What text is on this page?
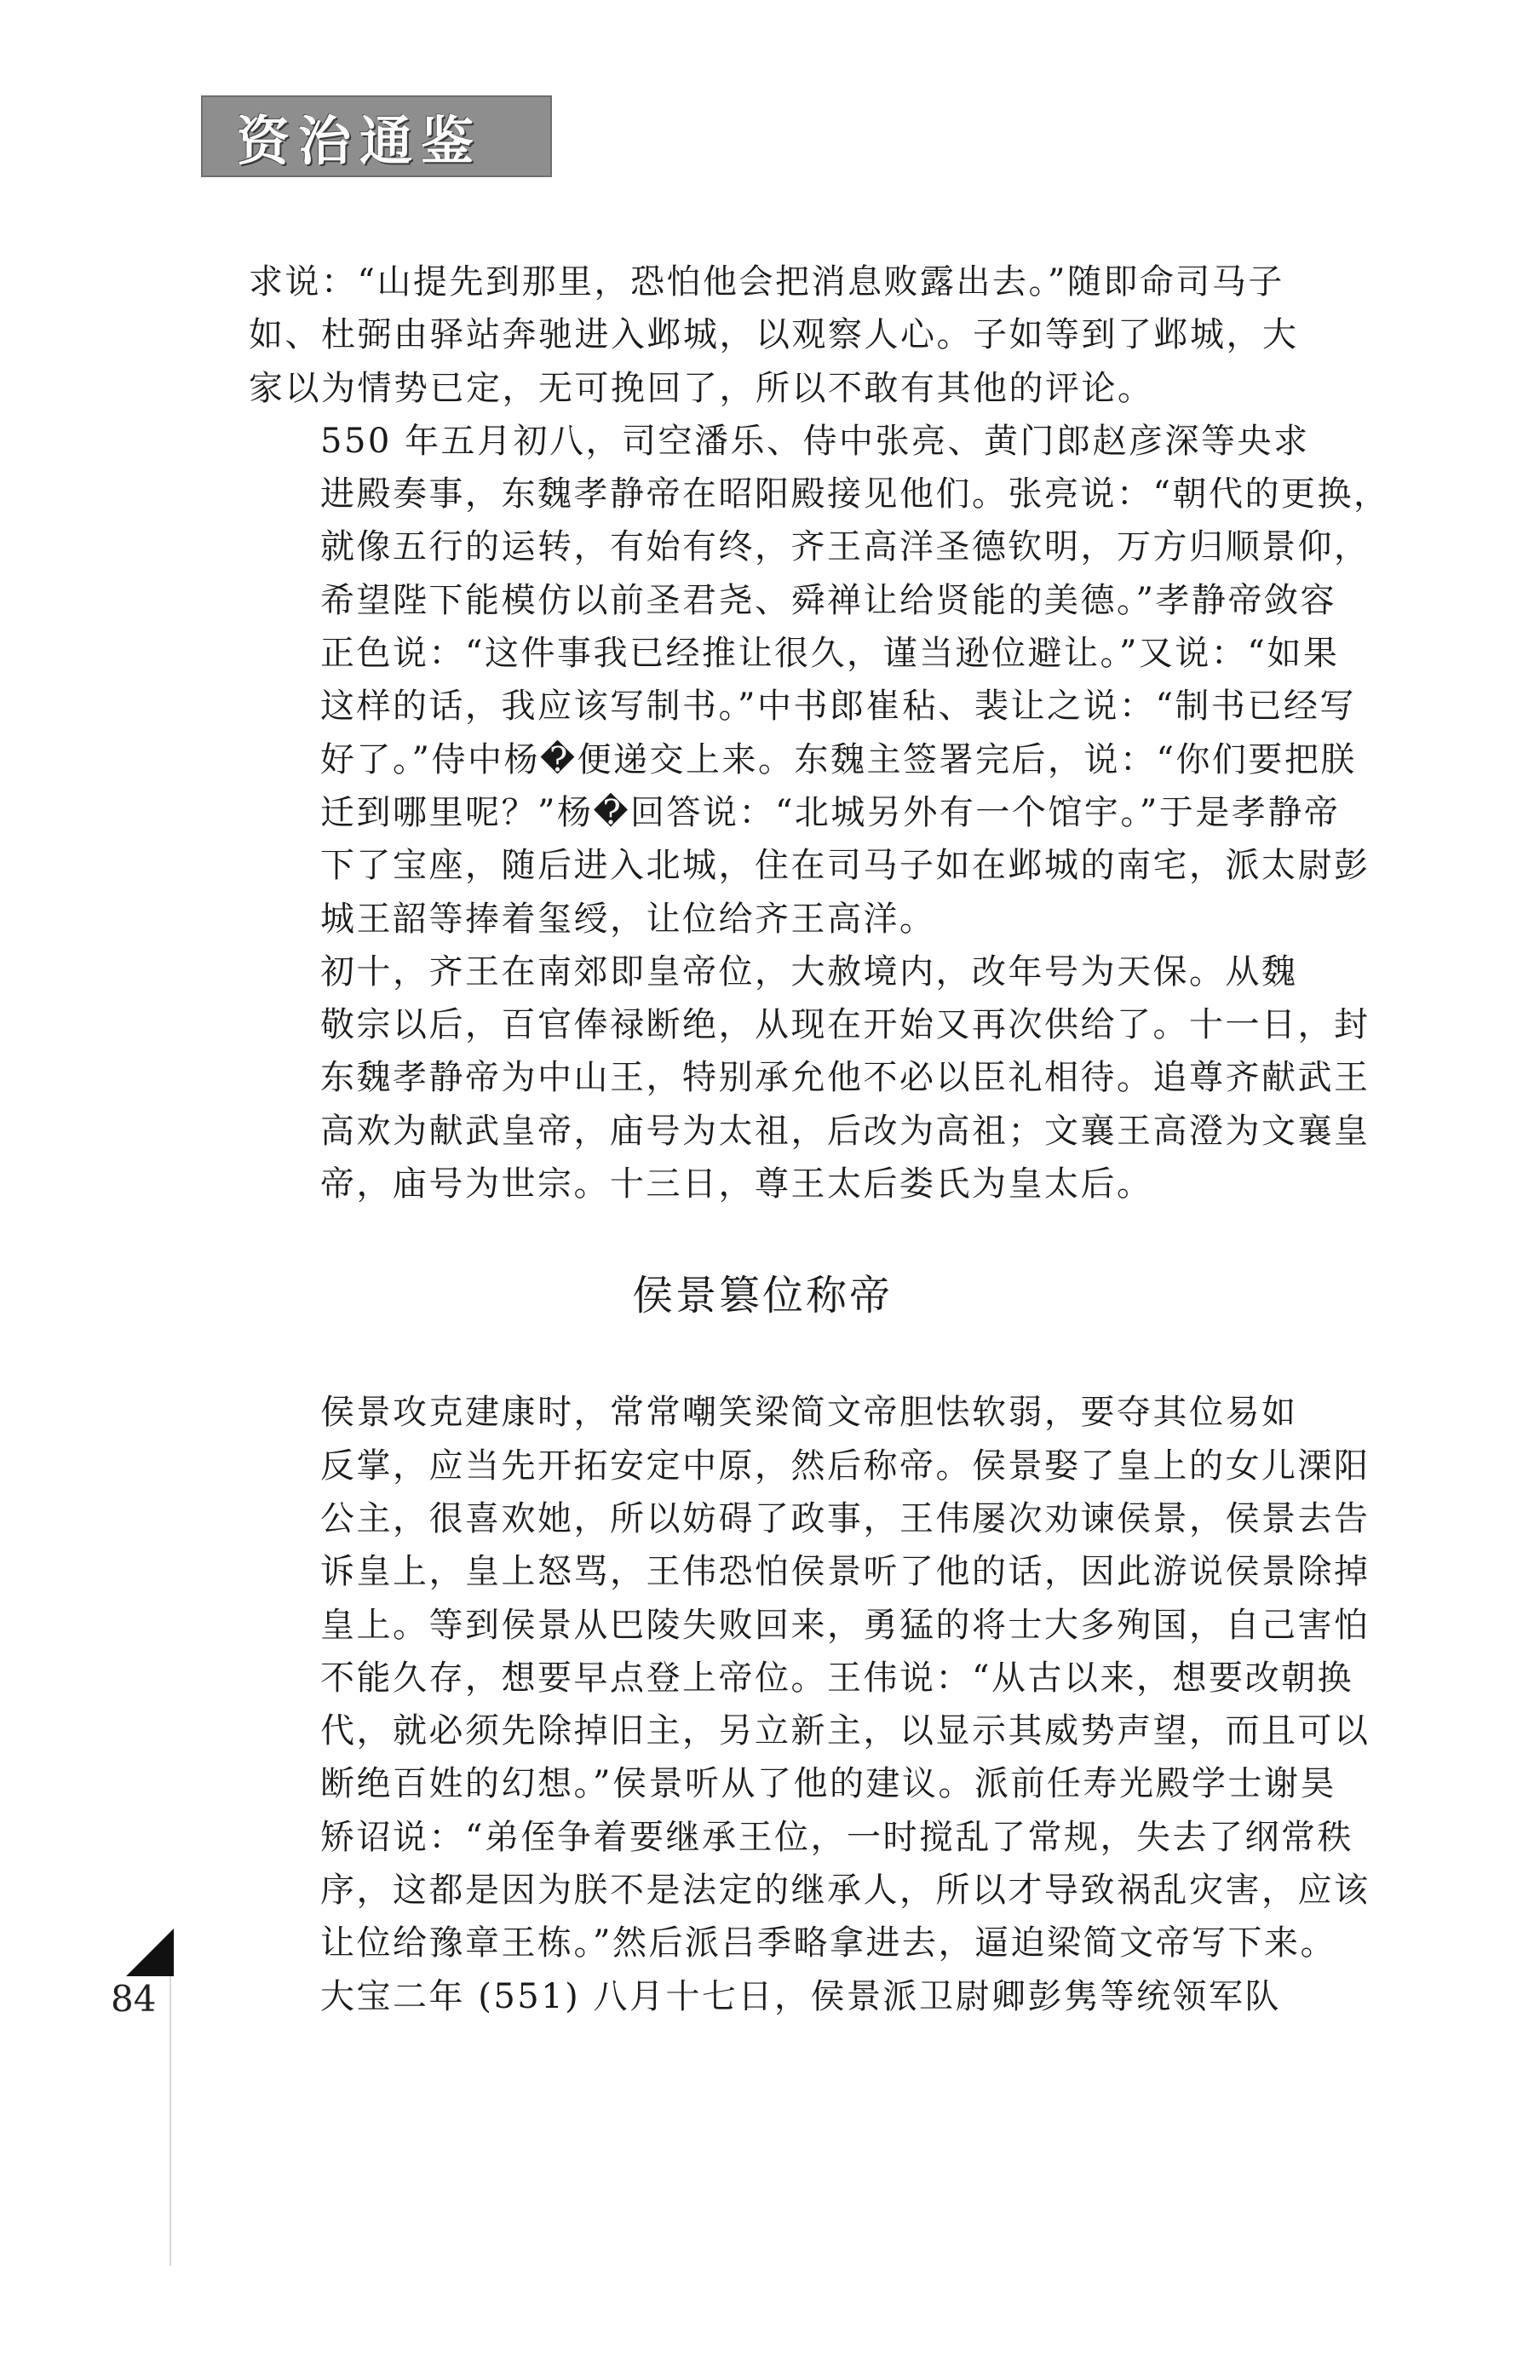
资治通鉴

求说：“山提先到那里，恐怕他会把消息败露出去。”随即命司马子
如、杜弼由驿站奔驰进入邺城，以观察人心。子如等到了邺城，大
家以为情势已定，无可挽回了，所以不敢有其他的评论。

550 年五月初八，司空潘乐、侍中张亮、黄门郎赵彦深等央求
进殿奏事，东魏孝静帝在昭阳殿接见他们。张亮说：“朝代的更换，
就像五行的运转，有始有终，齐王高洋圣德钦明，万方归顺景仰，
希望陛下能模仿以前圣君尧、舜禅让给贤能的美德。”孝静帝敛容
正色说：“这件事我已经推让很久，谨当逊位避让。”又说：“如果
这样的话，我应该写制书。”中书郎崔秥、裴让之说：“制书已经写
好了。”侍中杨�便递交上来。东魏主签署完后，说：“你们要把朕
迁到哪里呢？”杨�回答说：“北城另外有一个馆宇。”于是孝静帝
下了宝座，随后进入北城，住在司马子如在邺城的南宅，派太尉彭
城王韶等捧着玺绶，让位给齐王高洋。

初十，齐王在南郊即皇帝位，大赦境内，改年号为天保。从魏
敬宗以后，百官俸禄断绝，从现在开始又再次供给了。十一日，封
东魏孝静帝为中山王，特别承允他不必以臣礼相待。追尊齐献武王
高欢为献武皇帝，庙号为太祖，后改为高祖；文襄王高澄为文襄皇
帝，庙号为世宗。十三日，尊王太后娄氏为皇太后。

侯景篡位称帝

侯景攻克建康时，常常嘲笑梁简文帝胆怯软弱，要夺其位易如
反掌，应当先开拓安定中原，然后称帝。侯景娶了皇上的女儿溧阳
公主，很喜欢她，所以妨碍了政事，王伟屡次劝谏侯景，侯景去告
诉皇上，皇上怒骂，王伟恐怕侯景听了他的话，因此游说侯景除掉
皇上。等到侯景从巴陵失败回来，勇猛的将士大多殉国，自己害怕
不能久存，想要早点登上帝位。王伟说：“从古以来，想要改朝换
代，就必须先除掉旧主，另立新主，以显示其威势声望，而且可以
断绝百姓的幻想。”侯景听从了他的建议。派前任寿光殿学士谢昊
矫诏说：“弟侄争着要继承王位，一时搅乱了常规，失去了纲常秩
序，这都是因为朕不是法定的继承人，所以才导致祸乱灾害，应该
让位给豫章王栋。”然后派吕季略拿进去，逼迫梁简文帝写下来。

大宝二年 (551) 八月十七日，侯景派卫尉卿彭隽等统领军队

84
